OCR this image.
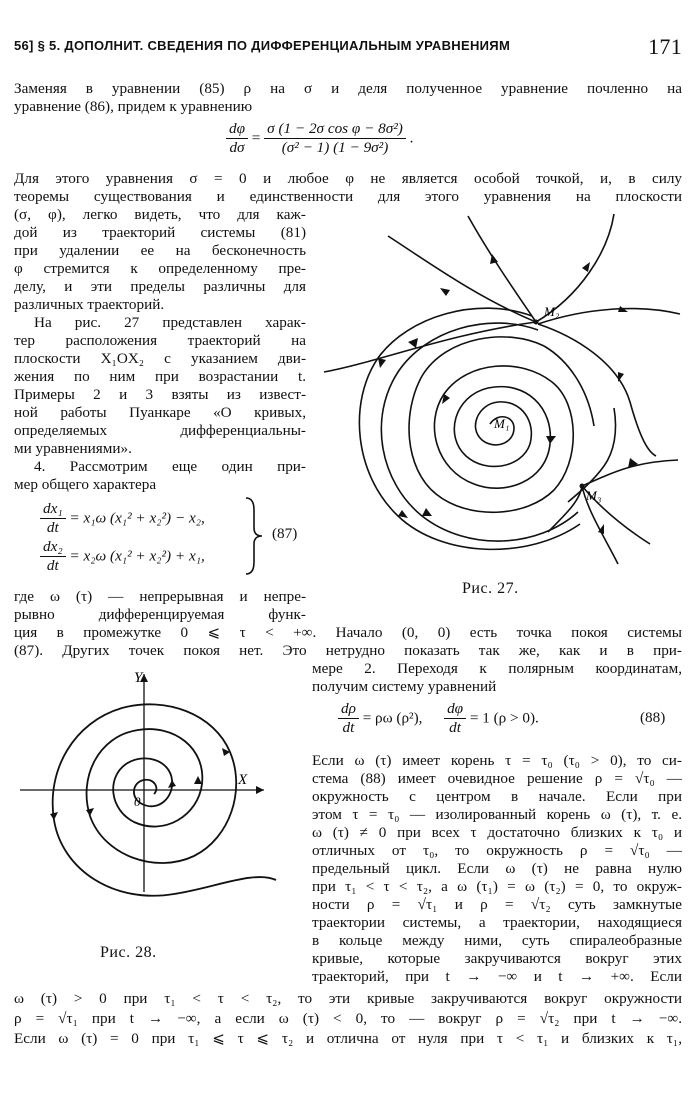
56] § 5. ДОПОЛНИТ. СВЕДЕНИЯ ПО ДИФФЕРЕНЦИАЛЬНЫМ УРАВНЕНИЯМ	171
Заменяя в уравнении (85) ρ на σ и деля полученное уравнение почленно на
уравнение (86), придем к уравнению
$\frac{d\varphi}{d\sigma} = \frac{\text{σ (1 − 2σ cos φ − 8σ²)}}{\text{(σ² − 1) (1 − 9σ²)}}$ .
Для этого уравнения σ = 0 и любое φ не является особой точкой, и, в силу
теоремы существования и единственности для этого уравнения на плоскости
(σ, φ), легко видеть, что для каж-
дой из траекторий системы (81)
при удалении ее на бесконечность
φ стремится к определенному пре-
делу, и эти пределы различны для
различных траекторий.
На рис. 27 представлен харак-
тер расположения траекторий на
плоскости X₁OX₂ с указанием дви-
жения по ним при возрастании t.
Примеры 2 и 3 взяты из извест-
ной работы Пуанкаре «О кривых,
определяемых дифференциальны-
ми уравнениями».
4. Рассмотрим еще один при-
мер общего характера
$\frac{\text{dx₁}}{dt} = x_1\omega$ (x₁² + x₂²) − x₂,
$\frac{\text{dx₂}}{dt} = x_2\omega$ (x₁² + x₂²) + x₁,
(87)
где ω (τ) — непрерывная и непре-
рывно дифференцируемая функ-
ция в промежутке 0 ⩽ τ < +∞. Начало (0, 0) есть точка покоя системы
(87). Других точек покоя нет. Это нетрудно показать так же, как и в при-
мере 2. Переходя к полярным координатам,
получим систему уравнений
$\frac{d\rho}{dt} = \rho\omega$ (ρ²), $\frac{d\varphi}{dt} = 1$ (ρ > 0).	(88)
Если ω (τ) имеет корень τ = τ₀ (τ₀ > 0), то си-
стема (88) имеет очевидное решение ρ = √τ₀ —
окружность с центром в начале. Если при
этом τ = τ₀ — изолированный корень ω (τ), т. е.
ω (τ) ≠ 0 при всех τ достаточно близких к τ₀ и
отличных от τ₀, то окружность ρ = √τ₀ —
предельный цикл. Если ω (τ) не равна нулю
при τ₁ < τ < τ₂, а ω (τ₁) = ω (τ₂) = 0, то окруж-
ности ρ = √τ₁ и ρ = √τ₂ суть замкнутые
траектории системы, а траектории, находящиеся
в кольце между ними, суть спиралеобразные
кривые, которые закручиваются вокруг этих
траекторий, при t → −∞ и t → +∞. Если
ω (τ) > 0 при τ₁ < τ < τ₂, то эти кривые закручиваются вокруг окружности
ρ = √τ₁ при t → −∞, а если ω (τ) < 0, то — вокруг ρ = √τ₂ при t → −∞.
Если ω (τ) = 0 при τ₁ ⩽ τ ⩽ τ₂ и отлична от нуля при τ < τ₁ и близких к τ₁,
M₁
M₂
M₃
Рис. 27.
Y
X
0
Рис. 28.
